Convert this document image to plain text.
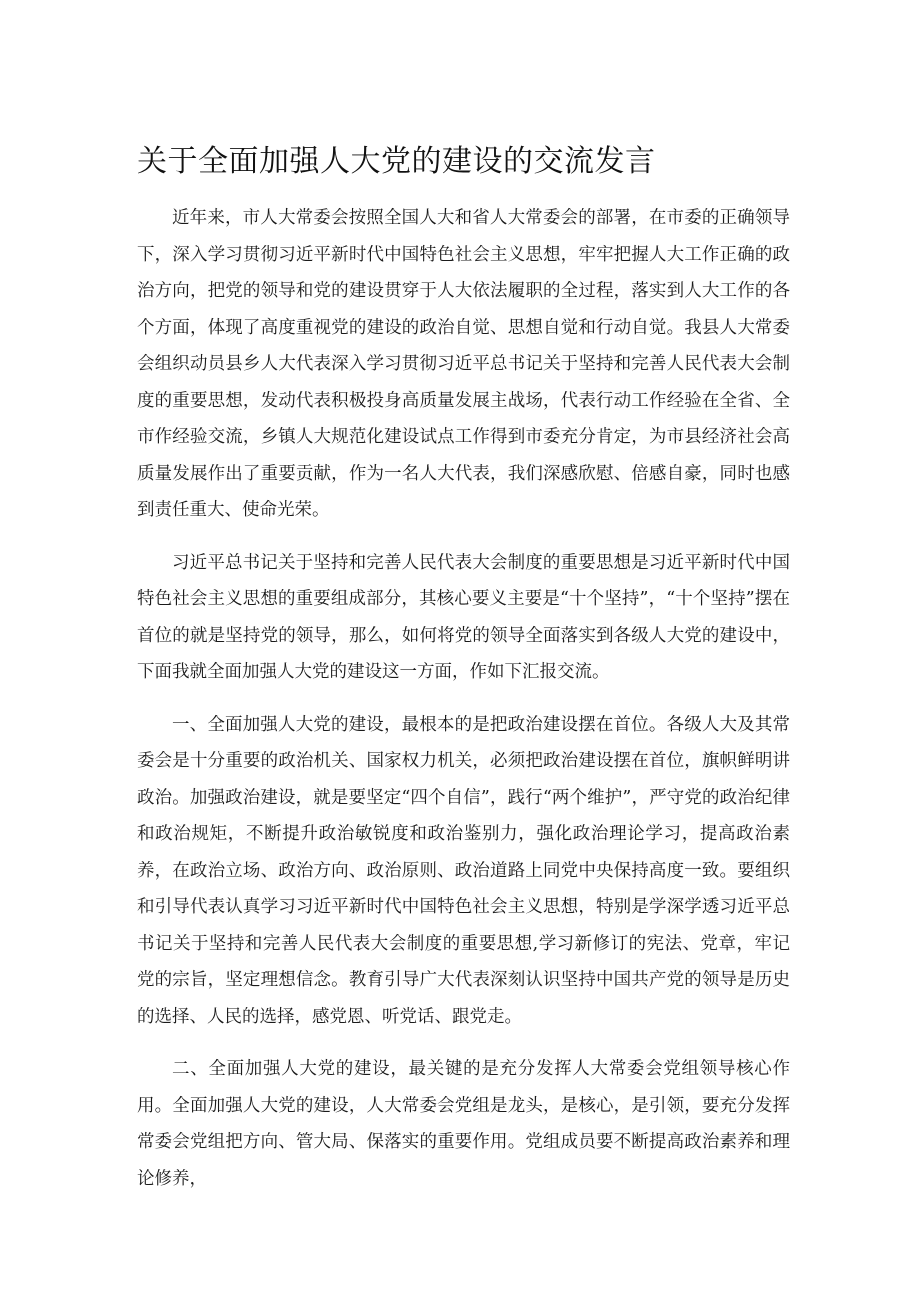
关于全面加强人大党的建设的交流发言

近年来，市人大常委会按照全国人大和省人大常委会的部署，在市委的正确领导下，深入学习贯彻习近平新时代中国特色社会主义思想，牢牢把握人大工作正确的政治方向，把党的领导和党的建设贯穿于人大依法履职的全过程，落实到人大工作的各个方面，体现了高度重视党的建设的政治自觉、思想自觉和行动自觉。我县人大常委会组织动员县乡人大代表深入学习贯彻习近平总书记关于坚持和完善人民代表大会制度的重要思想，发动代表积极投身高质量发展主战场，代表行动工作经验在全省、全市作经验交流，乡镇人大规范化建设试点工作得到市委充分肯定，为市县经济社会高质量发展作出了重要贡献，作为一名人大代表，我们深感欣慰、倍感自豪，同时也感到责任重大、使命光荣。

习近平总书记关于坚持和完善人民代表大会制度的重要思想是习近平新时代中国特色社会主义思想的重要组成部分，其核心要义主要是“十个坚持”，“十个坚持”摆在首位的就是坚持党的领导，那么，如何将党的领导全面落实到各级人大党的建设中，下面我就全面加强人大党的建设这一方面，作如下汇报交流。

一、全面加强人大党的建设，最根本的是把政治建设摆在首位。各级人大及其常委会是十分重要的政治机关、国家权力机关，必须把政治建设摆在首位，旗帜鲜明讲政治。加强政治建设，就是要坚定“四个自信”，践行“两个维护”，严守党的政治纪律和政治规矩，不断提升政治敏锐度和政治鉴别力，强化政治理论学习，提高政治素养，在政治立场、政治方向、政治原则、政治道路上同党中央保持高度一致。要组织和引导代表认真学习习近平新时代中国特色社会主义思想，特别是学深学透习近平总书记关于坚持和完善人民代表大会制度的重要思想,学习新修订的宪法、党章，牢记党的宗旨，坚定理想信念。教育引导广大代表深刻认识坚持中国共产党的领导是历史的选择、人民的选择，感党恩、听党话、跟党走。

二、全面加强人大党的建设，最关键的是充分发挥人大常委会党组领导核心作用。全面加强人大党的建设，人大常委会党组是龙头，是核心，是引领，要充分发挥常委会党组把方向、管大局、保落实的重要作用。党组成员要不断提高政治素养和理论修养，
